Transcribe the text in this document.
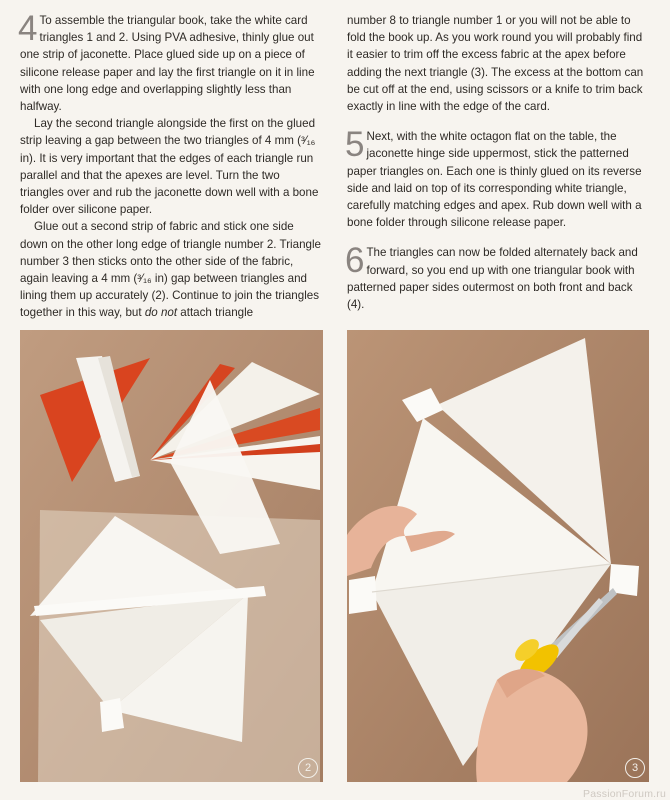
4 To assemble the triangular book, take the white card triangles 1 and 2. Using PVA adhesive, thinly glue out one strip of jaconette. Place glued side up on a piece of silicone release paper and lay the first triangle on it in line with one long edge and overlapping slightly less than halfway.

Lay the second triangle alongside the first on the glued strip leaving a gap between the two triangles of 4 mm (³⁄₁₆ in). It is very important that the edges of each triangle run parallel and that the apexes are level. Turn the two triangles over and rub the jaconette down well with a bone folder over silicone paper.

Glue out a second strip of fabric and stick one side down on the other long edge of triangle number 2. Triangle number 3 then sticks onto the other side of the fabric, again leaving a 4 mm (³⁄₁₆ in) gap between triangles and lining them up accurately (2). Continue to join the triangles together in this way, but do not attach triangle

number 8 to triangle number 1 or you will not be able to fold the book up. As you work round you will probably find it easier to trim off the excess fabric at the apex before adding the next triangle (3). The excess at the bottom can be cut off at the end, using scissors or a knife to trim back exactly in line with the edge of the card.

5 Next, with the white octagon flat on the table, the jaconette hinge side uppermost, stick the patterned paper triangles on. Each one is thinly glued on its reverse side and laid on top of its corresponding white triangle, carefully matching edges and apex. Rub down well with a bone folder through silicone release paper.

6 The triangles can now be folded alternately back and forward, so you end up with one triangular book with patterned paper sides outermost on both front and back (4).

2	3
PassionForum.ru
